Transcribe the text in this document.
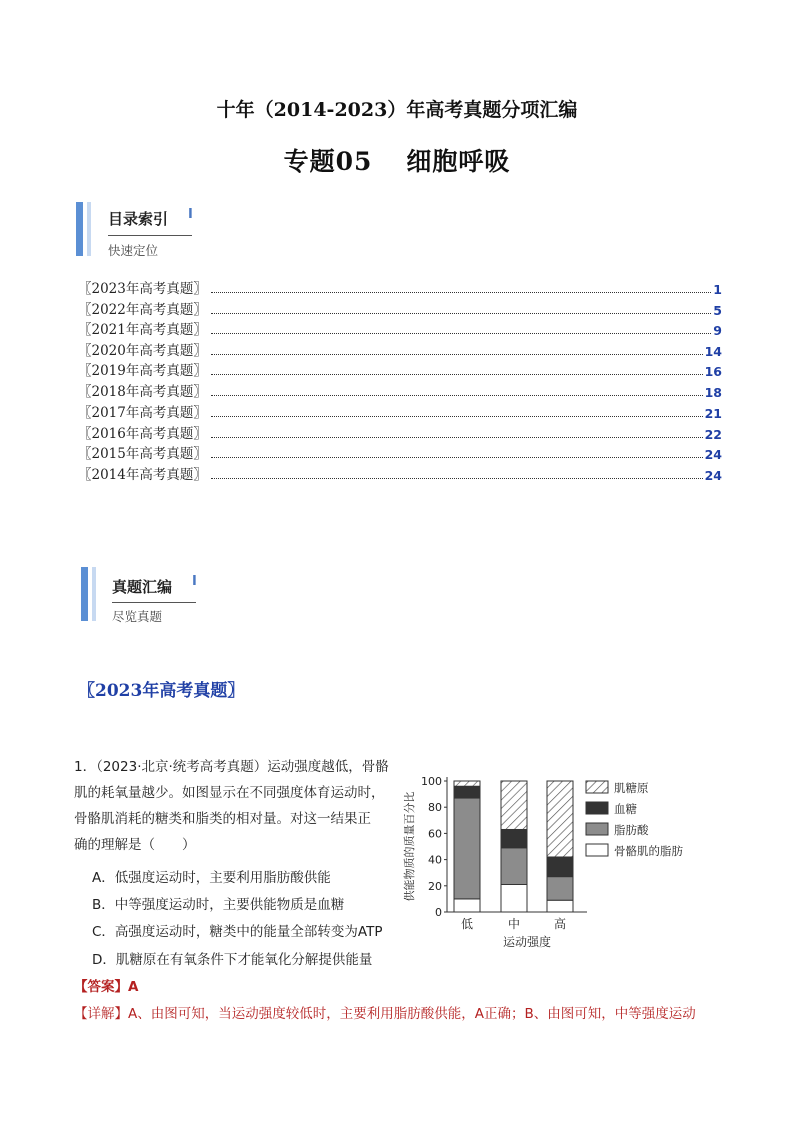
十年（2014-2023）年高考真题分项汇编
专题05 细胞呼吸
目录索引 I
快速定位
〖2023年高考真题〗	1
〖2022年高考真题〗	5
〖2021年高考真题〗	9
〖2020年高考真题〗	14
〖2019年高考真题〗	16
〖2018年高考真题〗	18
〖2017年高考真题〗	21
〖2016年高考真题〗	22
〖2015年高考真题〗	24
〖2014年高考真题〗	24
真题汇编 I
尽览真题
〖2023年高考真题〗
1．（2023·北京·统考高考真题）运动强度越低，骨骼
肌的耗氧量越少。如图显示在不同强度体育运动时，
骨骼肌消耗的糖类和脂类的相对量。对这一结果正
确的理解是（　　）
A．低强度运动时，主要利用脂肪酸供能
B．中等强度运动时，主要供能物质是血糖
C．高强度运动时，糖类中的能量全部转变为ATP
D．肌糖原在有氧条件下才能氧化分解提供能量
【答案】A
【详解】A、由图可知，当运动强度较低时，主要利用脂肪酸供能，A正确；B、由图可知，中等强度运动
0
20
40
60
80
100
供能物质的质量百分比
低	中	高
运动强度
肌糖原
血糖
脂肪酸
骨骼肌的脂肪
